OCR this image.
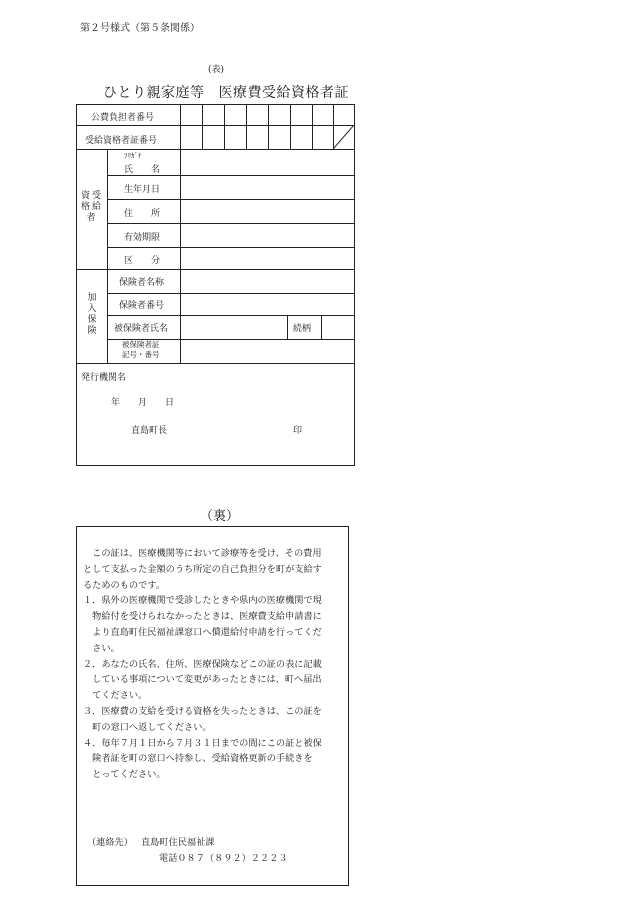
第２号様式（第５条関係）
(表)
ひとり親家庭等 医療費受給資格者証
公費負担者番号
受給資格者証番号
ﾌﾘｶﾞﾅ
氏　　名
生年月日
住　　所
有効期限
区　　分
資受
格給
者　
保険者名称
保険者番号
被保険者氏名	続柄
被保険者証
記号・番号
加
入
保
険
発行機関名
年　　月　　日
直島町長	印
（裏）

　この証は、医療機関等において診療等を受け、その費用

として支払った金額のうち所定の自己負担分を町が支給す

るためのものです。

１．県外の医療機関で受診したときや県内の医療機関で現

　物給付を受けられなかったときは、医療費支給申請書に

　より直島町住民福祉課窓口へ償還給付申請を行ってくだ

　さい。

２．あなたの氏名、住所、医療保険などこの証の表に記載

　している事項について変更があったときには、町へ届出

　てください。

３．医療費の支給を受ける資格を失ったときは、この証を

　町の窓口へ返してください。

４．毎年７月１日から７月３１日までの間にこの証と被保

　険者証を町の窓口へ持参し、受給資格更新の手続きを

　とってください。

（連絡先） 直島町住民福祉課

電話０８７（８９２）２２２３
